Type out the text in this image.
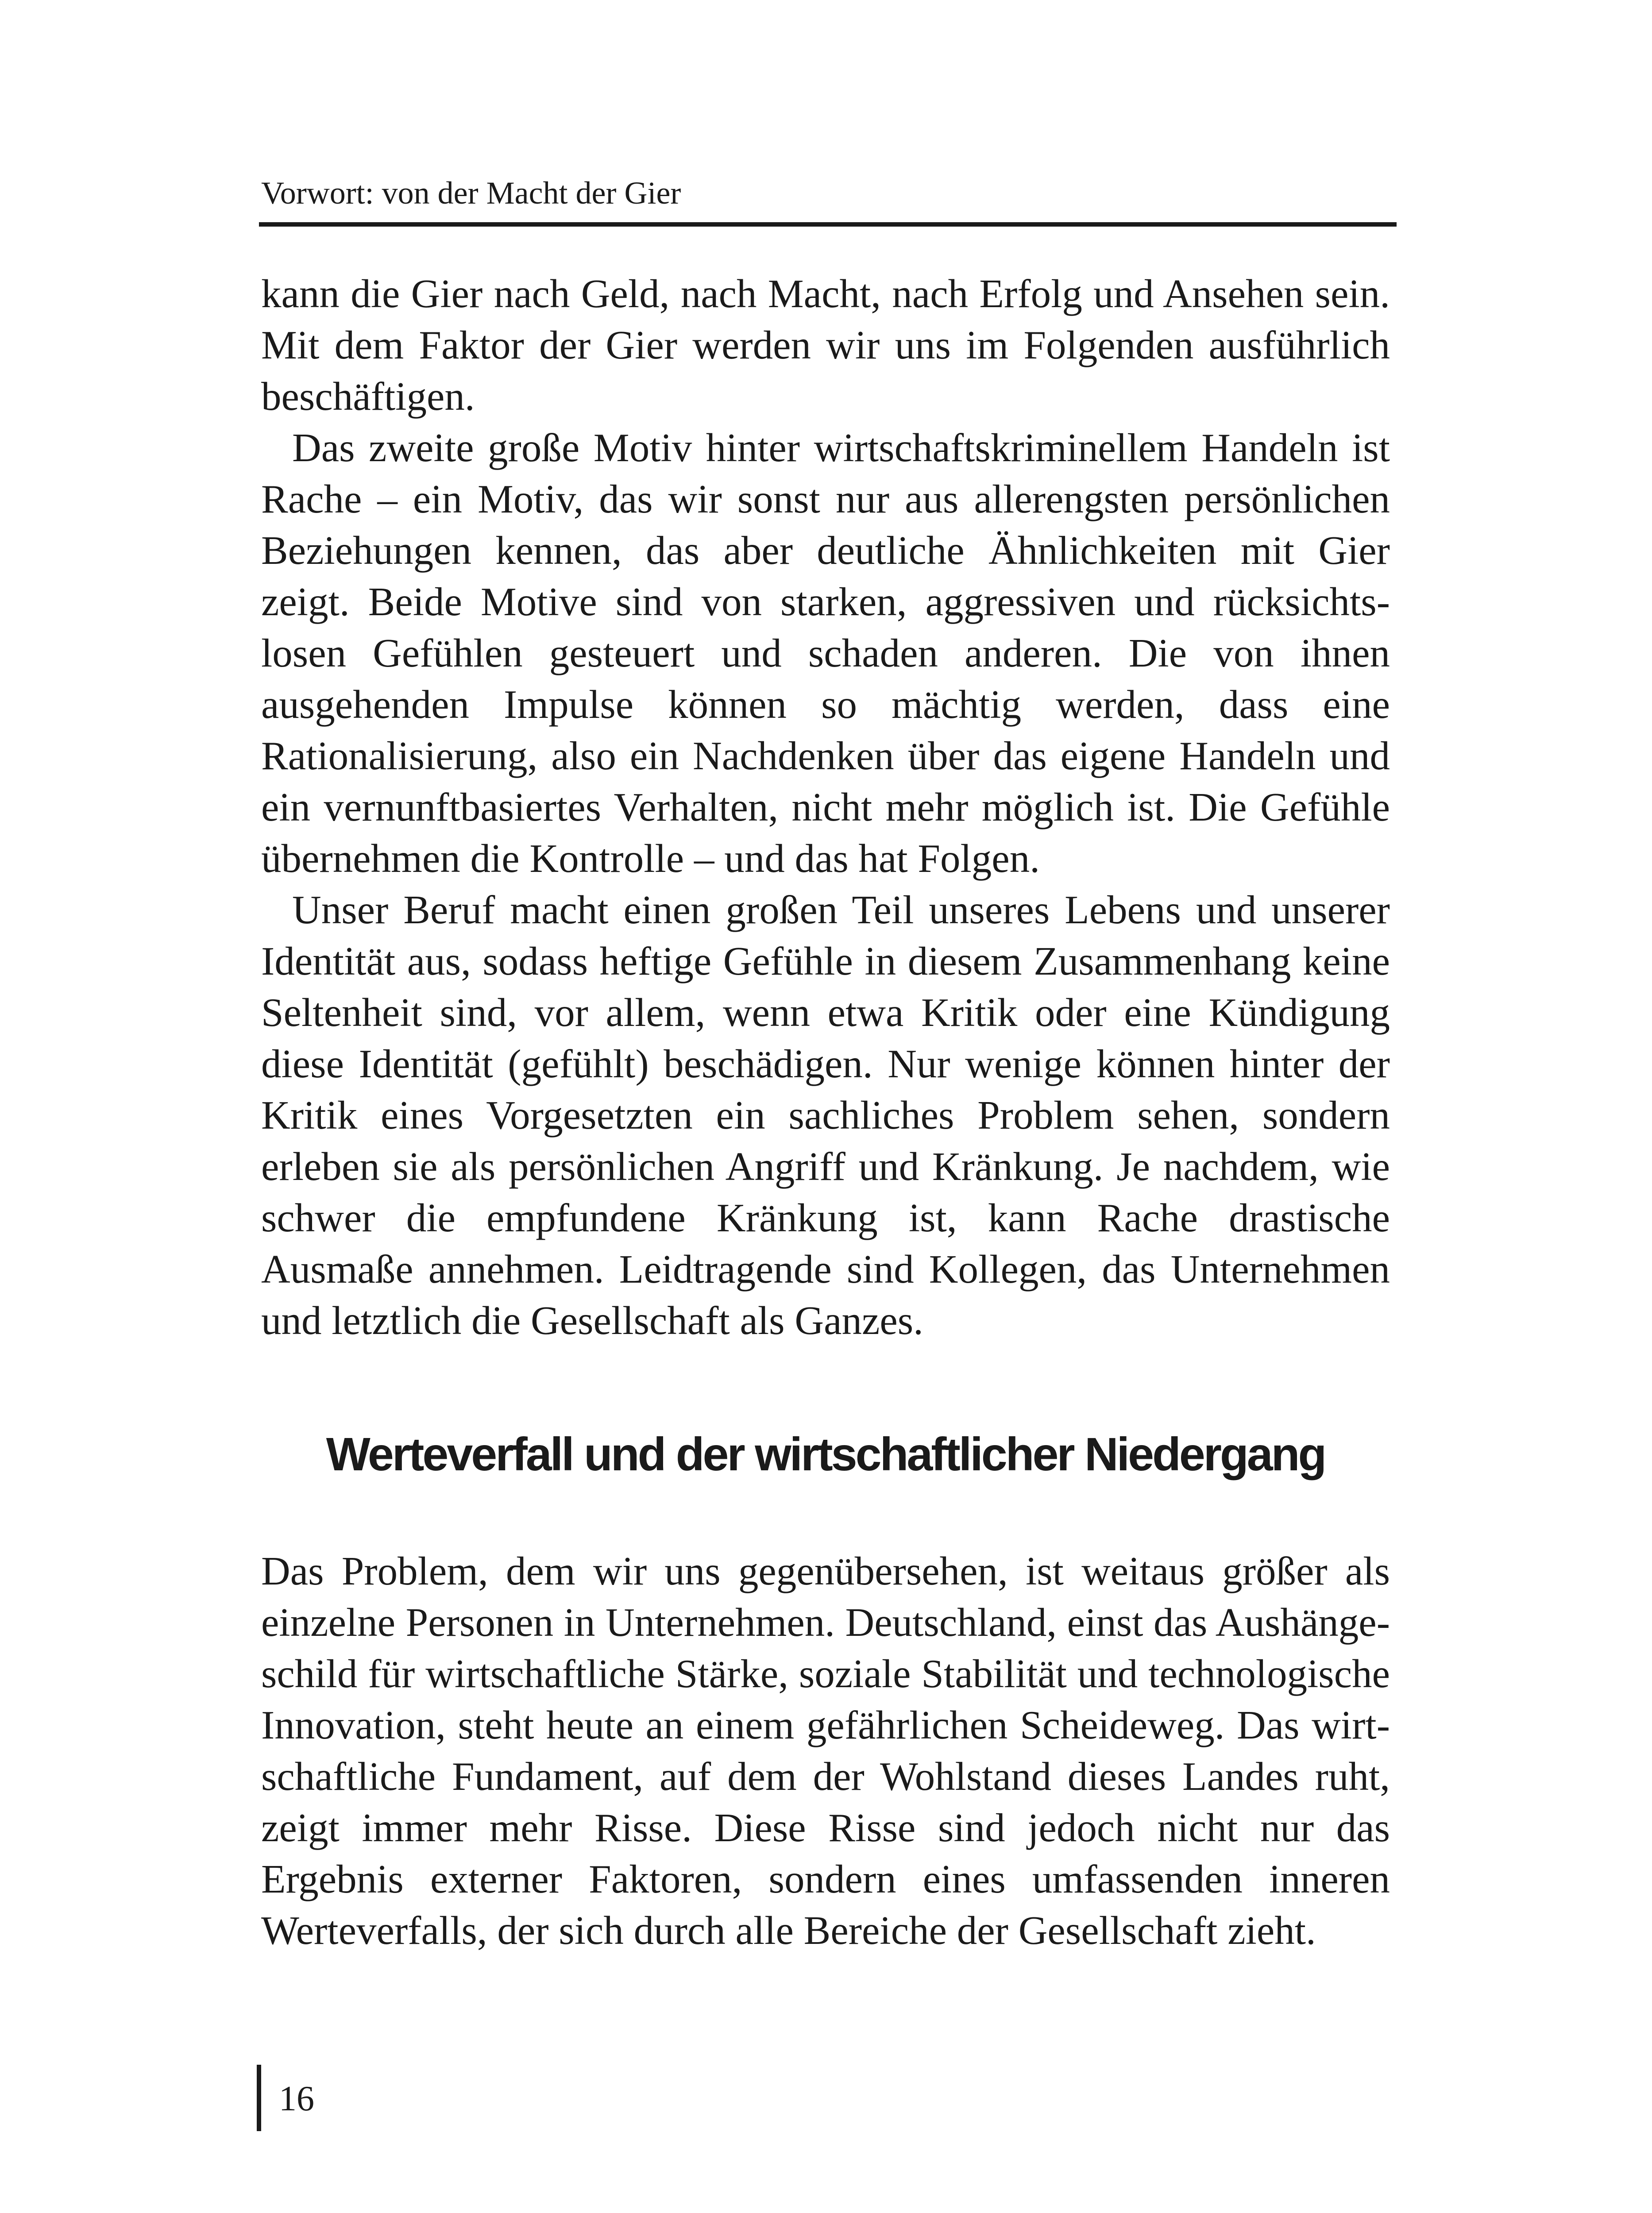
Vorwort: von der Macht der Gier

kann die Gier nach Geld, nach Macht, nach Erfolg und Ansehen sein. Mit dem Faktor der Gier werden wir uns im Folgenden ausführlich beschäftigen.

Das zweite große Motiv hinter wirtschaftskriminellem Handeln ist Rache – ein Motiv, das wir sonst nur aus allerengsten persönlichen Beziehungen kennen, das aber deutliche Ähnlichkeiten mit Gier zeigt. Beide Motive sind von starken, aggressiven und rücksichtslosen Gefühlen gesteuert und schaden anderen. Die von ihnen ausgehenden Impulse können so mächtig werden, dass eine Rationalisierung, also ein Nachdenken über das eigene Handeln und ein vernunftbasiertes Verhalten, nicht mehr möglich ist. Die Gefühle übernehmen die Kontrolle – und das hat Folgen.

Unser Beruf macht einen großen Teil unseres Lebens und unserer Identität aus, sodass heftige Gefühle in diesem Zusammenhang keine Seltenheit sind, vor allem, wenn etwa Kritik oder eine Kündigung diese Identität (gefühlt) beschädigen. Nur wenige können hinter der Kritik eines Vorgesetzten ein sachliches Problem sehen, sondern erleben sie als persönlichen Angriff und Kränkung. Je nachdem, wie schwer die empfundene Kränkung ist, kann Rache drastische Ausmaße annehmen. Leidtragende sind Kollegen, das Unternehmen und letztlich die Gesellschaft als Ganzes.

Werteverfall und der wirtschaftlicher Niedergang

Das Problem, dem wir uns gegenübersehen, ist weitaus größer als einzelne Personen in Unternehmen. Deutschland, einst das Aushängeschild für wirtschaftliche Stärke, soziale Stabilität und technologische Innovation, steht heute an einem gefährlichen Scheideweg. Das wirtschaftliche Fundament, auf dem der Wohlstand dieses Landes ruht, zeigt immer mehr Risse. Diese Risse sind jedoch nicht nur das Ergebnis externer Faktoren, sondern eines umfassenden inneren Werteverfalls, der sich durch alle Bereiche der Gesellschaft zieht.

16
